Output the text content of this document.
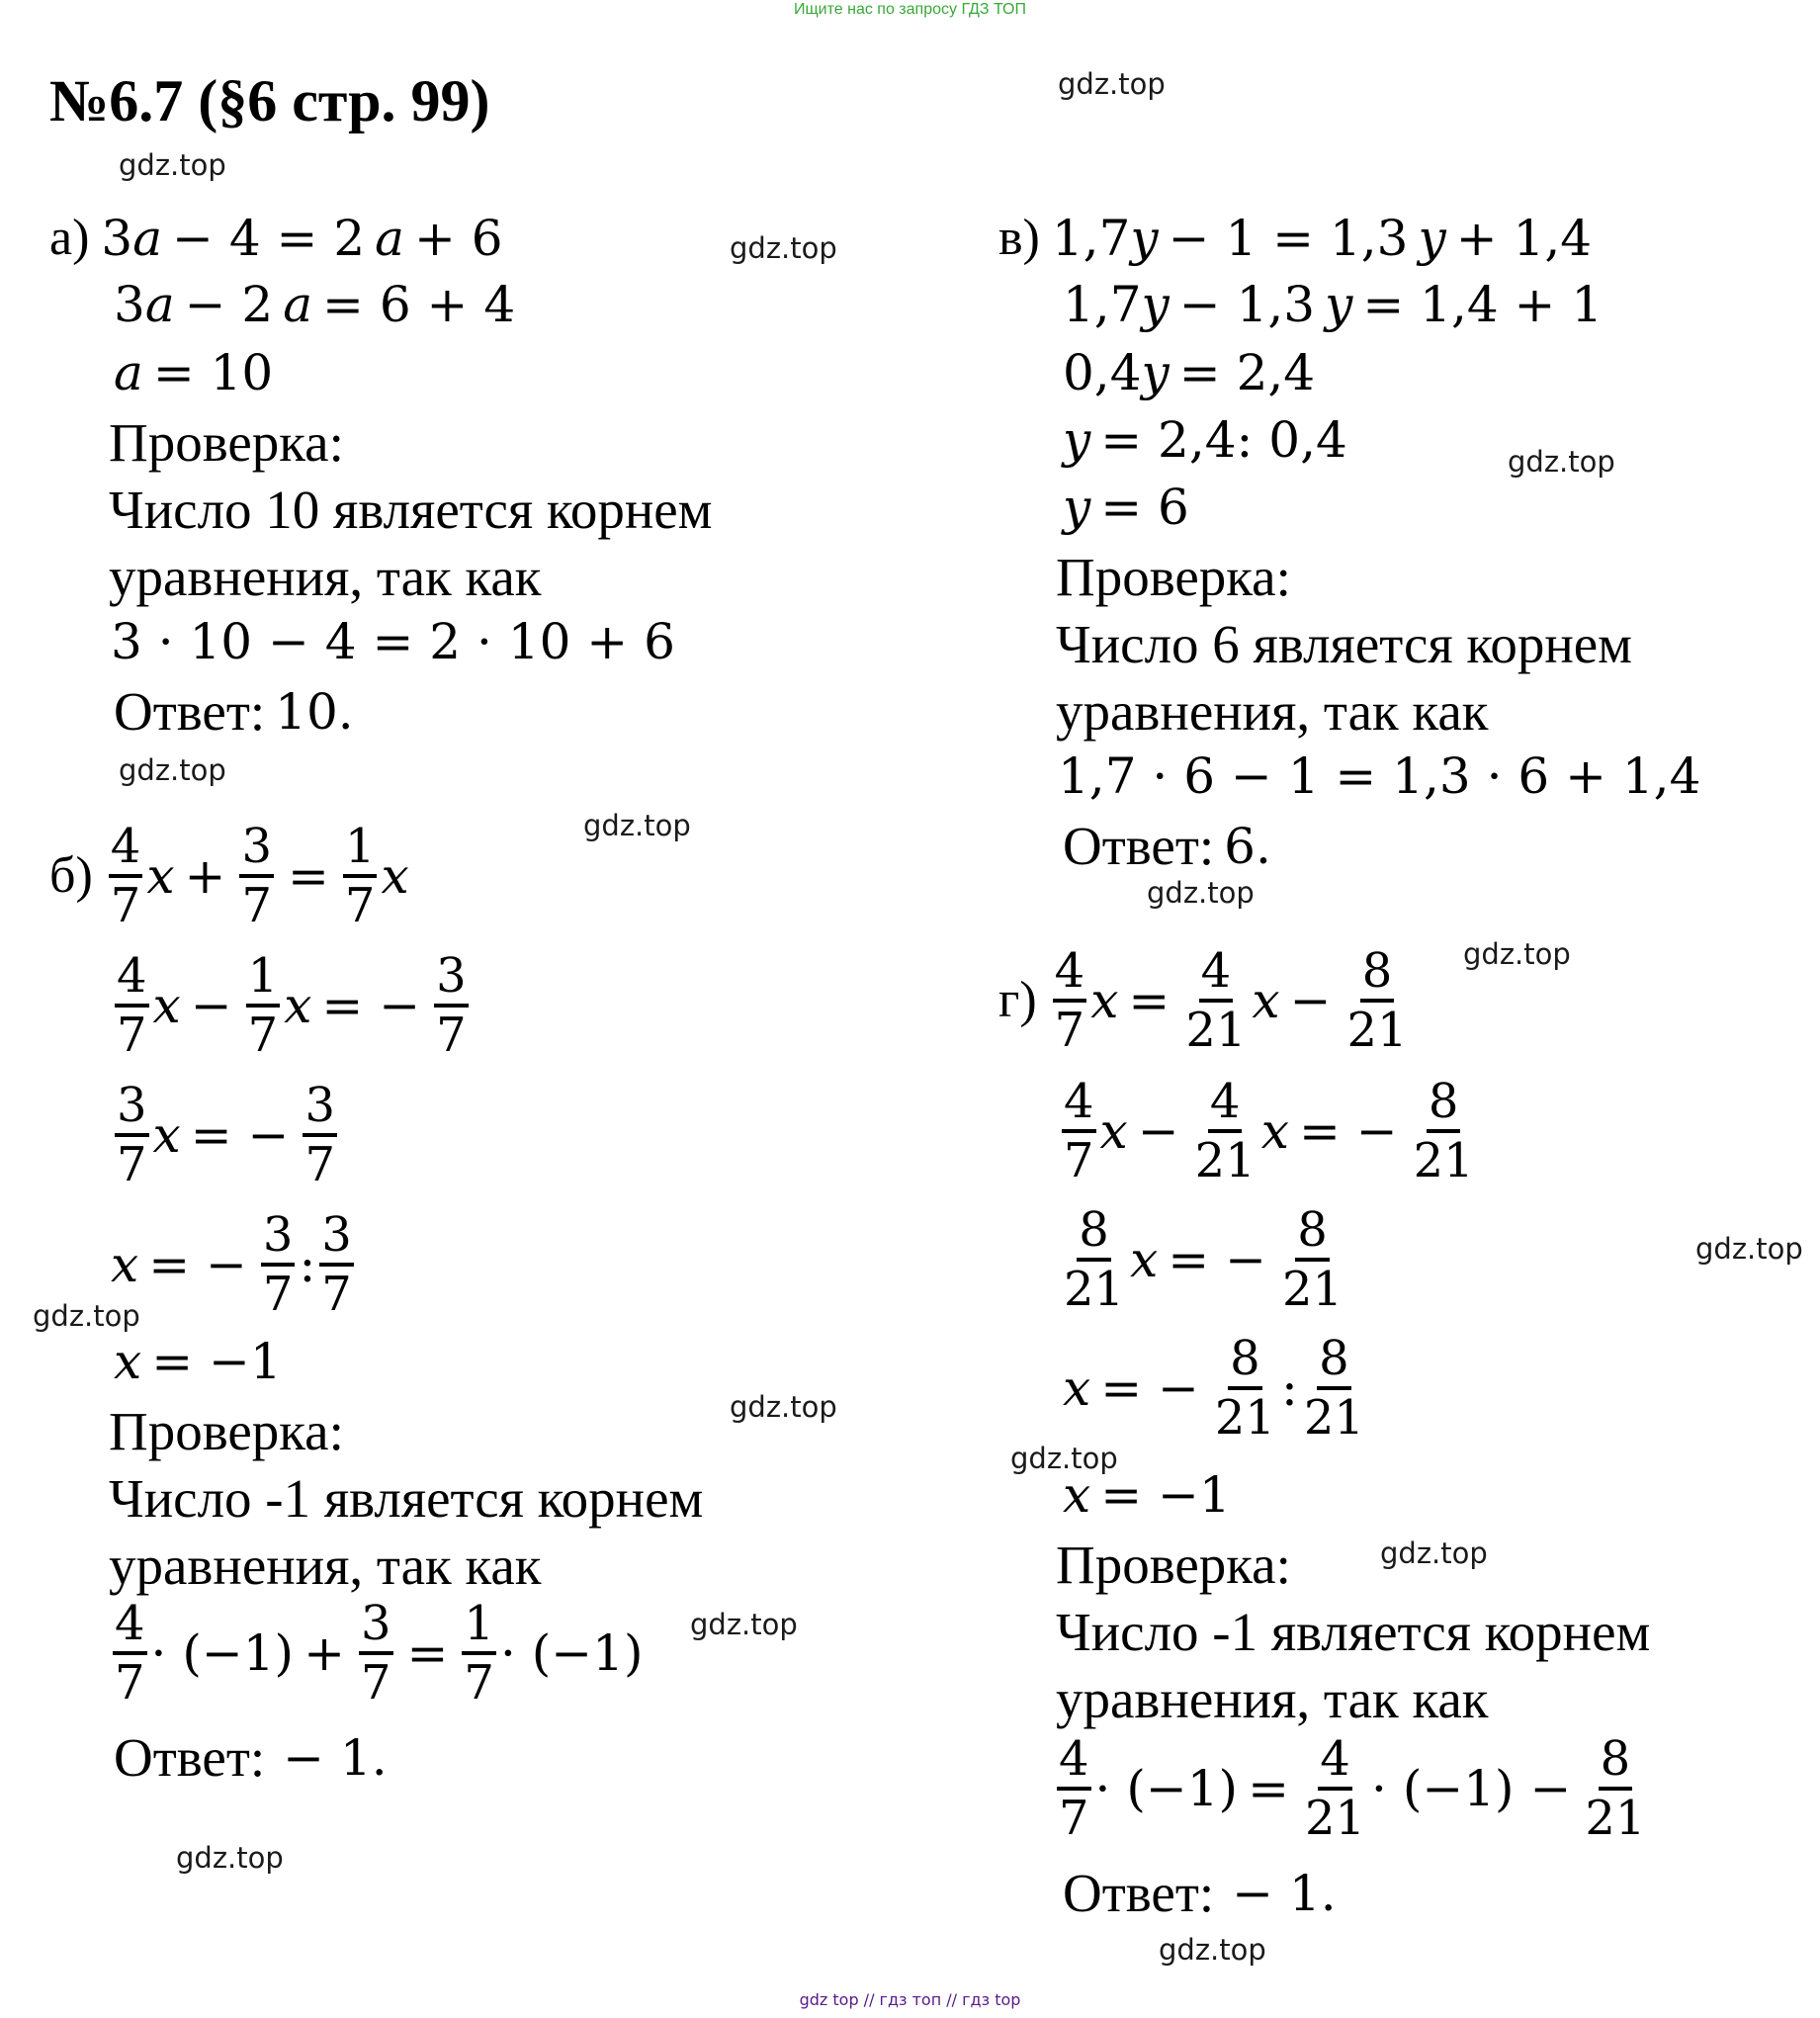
Ищите нас по запросу ГДЗ ТОП
№6.7 (§6 стр. 99)	gdz.top
gdz.top
gdz.top
gdz.top
gdz.top
gdz.top
gdz.top
gdz.top
gdz.top
gdz.top
gdz.top
gdz.top
gdz.top
gdz.top
gdz.top
gdz.top
gdz top // гдз топ // гдз top
а) 3 a − 4 = 2 a + 6
3 a − 2 a = 6 + 4
a = 10
Проверка:
Число 10 является корнем
уравнения, так как
3 · 10 − 4 = 2 · 10 + 6
Ответ: 10.
$б) \frac{4}{7}$ $x + \frac{3}{7} = \frac{1}{7}$ x
$\frac{4}{7}$ $x - \frac{1}{7}$ x = − $\frac{3}{7}$
$\frac{3}{7}$ x = − $\frac{3}{7}$
x = − $\frac{3}{7}$ : $\frac{3}{7}$
x = −1
Проверка:
Число -1 является корнем
уравнения, так как
$\frac{4}{7} \cdot (-1) + \frac{3}{7} = \frac{1}{7} \cdot (-1)$
Ответ: − 1.
в) 1,7 y − 1 = 1,3 y + 1,4
1,7 y − 1,3 y = 1,4 + 1
0,4 y = 2,4
y = 2,4: 0,4
y = 6
Проверка:
Число 6 является корнем
уравнения, так как
1,7 · 6 − 1 = 1,3 · 6 + 1,4
Ответ: 6.
$г) \frac{4}{7}$ $x = \frac{4}{21}$ $x - \frac{8}{21}$
$\frac{4}{7}$ $x - \frac{4}{21}$ x = − $\frac{8}{21}$
$\frac{8}{21}$ x = − $\frac{8}{21}$
x = − $\frac{8}{21}$ : $\frac{8}{21}$
x = −1
Проверка:
Число -1 является корнем
уравнения, так как
$\frac{4}{7} \cdot (-1) = \frac{4}{21} \cdot (-1) - \frac{8}{21}$
Ответ: − 1.
